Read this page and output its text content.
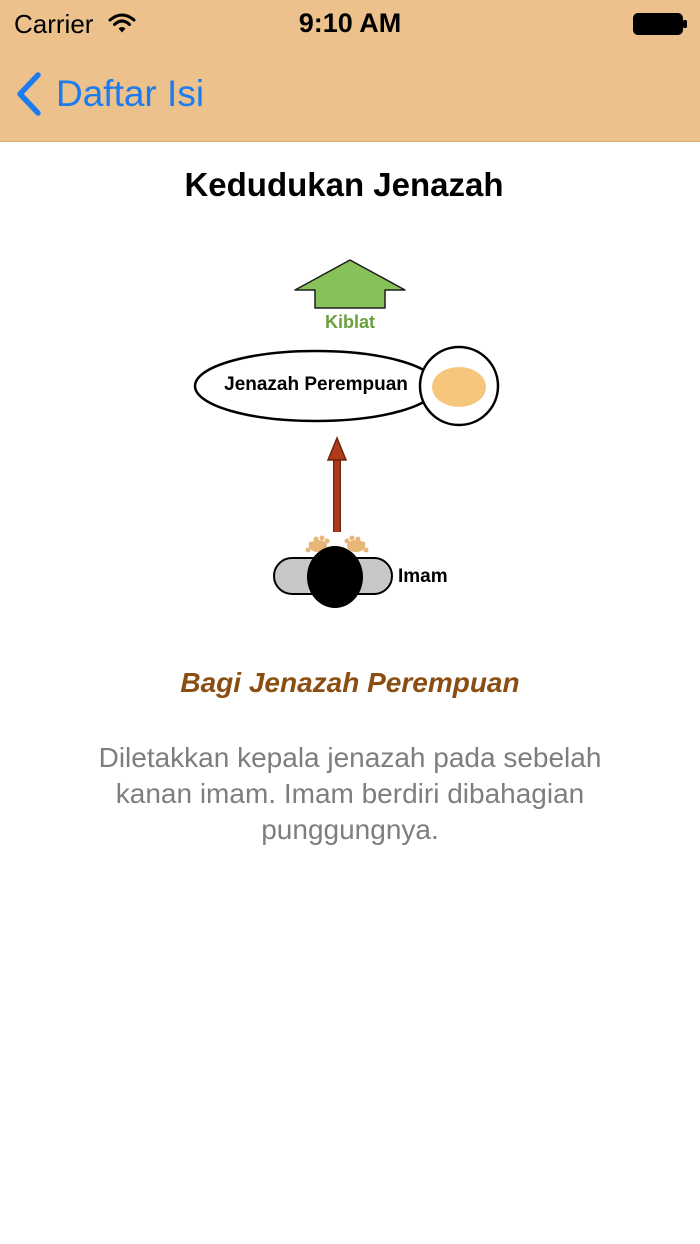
Carrier	9:10 AM
Daftar Isi
Kedudukan Jenazah
Kiblat
Jenazah Perempuan
Imam
Bagi Jenazah Perempuan
Diletakkan kepala jenazah pada sebelah kanan imam. Imam berdiri dibahagian punggungnya.
